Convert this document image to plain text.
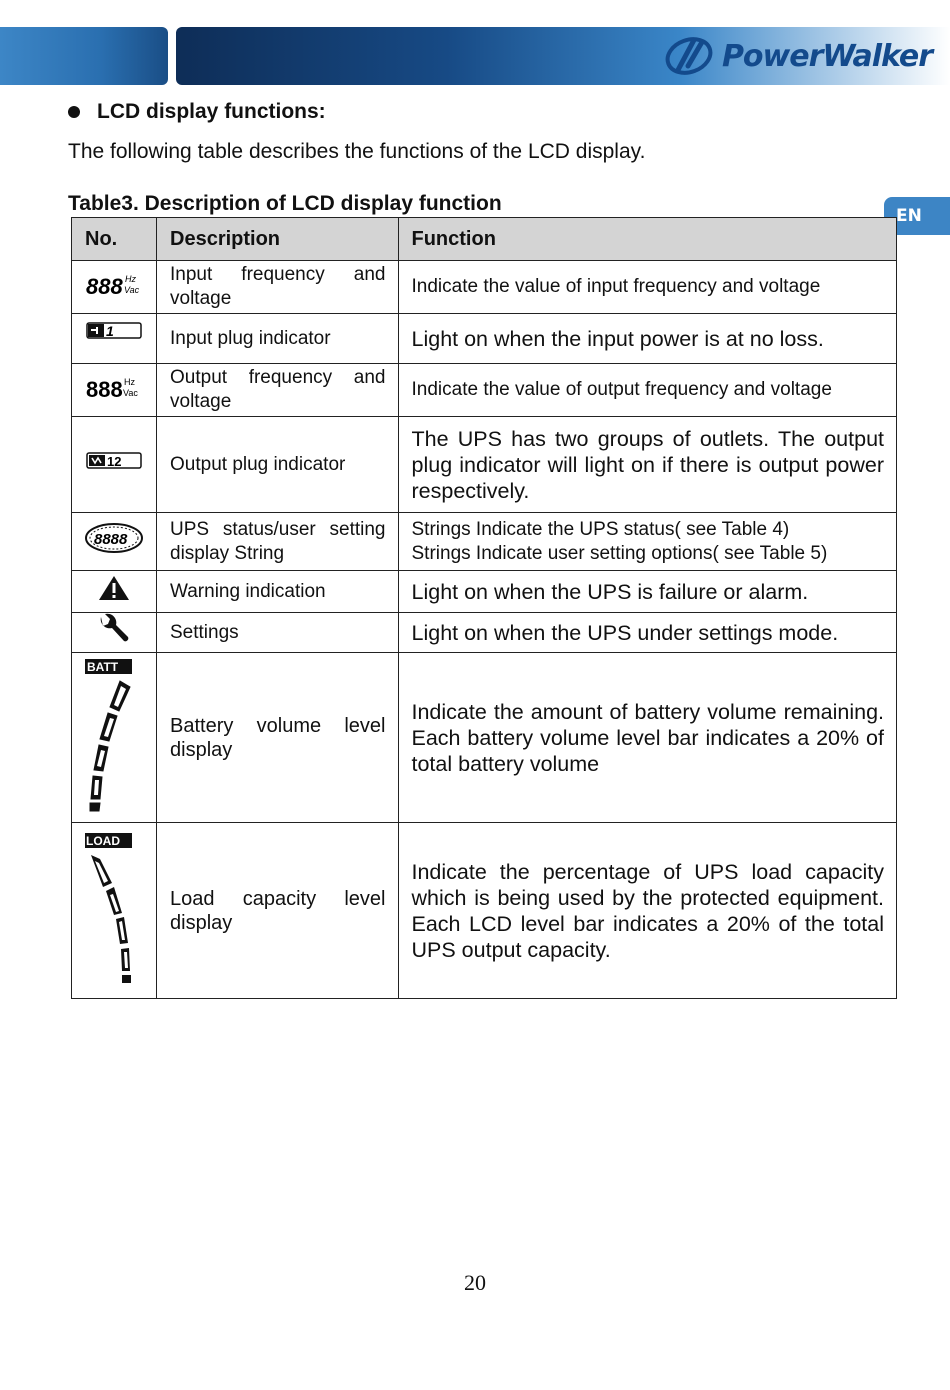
PowerWalker
EN
LCD display functions:
The following table describes the functions of the LCD display.
Table3. Description of LCD display function
No.	Description	Function

888 Hz
Vac	Input frequency and voltage	Indicate the value of input frequency and voltage

1	Input plug indicator	Light on when the input power is at no loss.

888 Hz
Vac	Output frequency and voltage	Indicate the value of output frequency and voltage

12	Output plug indicator	The UPS has two groups of outlets. The output plug indicator will light on if there is output power respectively.

8888	UPS status/user setting display String	Strings Indicate the UPS status( see Table 4)
Strings Indicate user setting options( see Table 5)

	Warning indication	Light on when the UPS is failure or alarm.
	Settings	Light on when the UPS under settings mode.

BATT	Battery volume level display	Indicate the amount of battery volume remaining. Each battery volume level bar indicates a 20% of total battery volume

LOAD	Load capacity level display	Indicate the percentage of UPS load capacity which is being used by the protected equipment. Each LCD level bar indicates a 20% of the total UPS output capacity.
20
